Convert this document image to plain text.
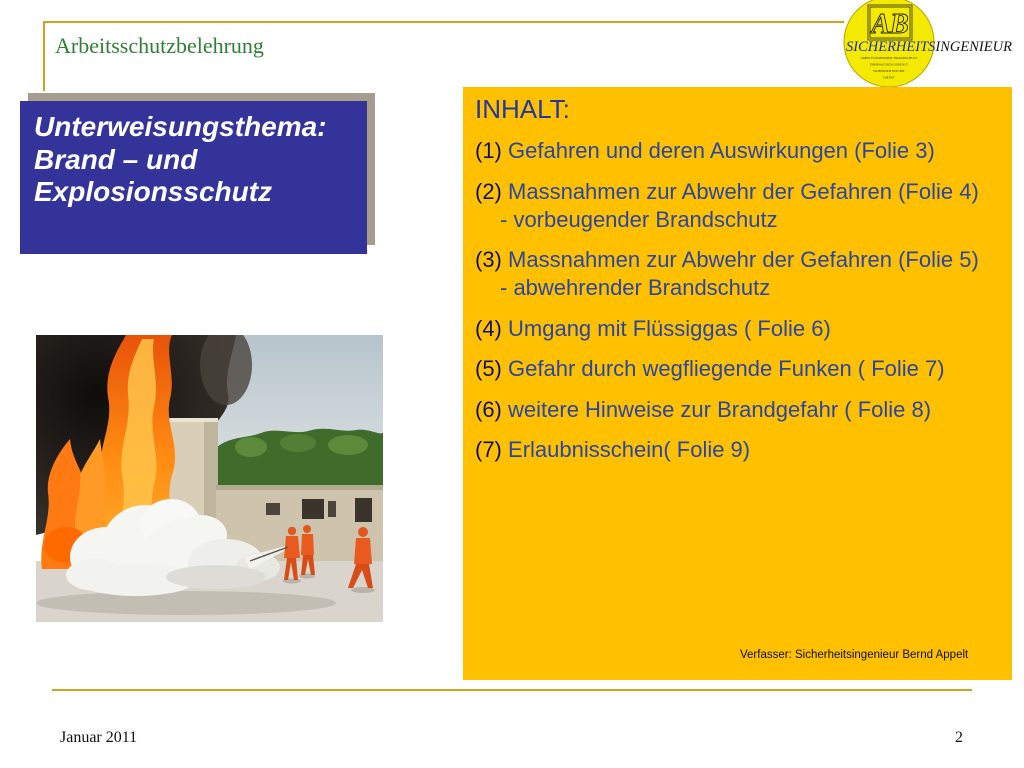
Arbeitsschutzbelehrung
AB
SICHERHEITSINGENIEUR
ARBEITSSICHERHEIT BRANDSCHUTZ
ÜBERWACHUNGSDIENST
SICHERHEITSTECHN.
DIENST
Unterweisungsthema:
Brand – und
Explosionsschutz
INHALT:

(1) Gefahren und deren Auswirkungen (Folie 3)

(2) Massnahmen zur Abwehr der Gefahren (Folie 4)
- vorbeugender Brandschutz

(3) Massnahmen zur Abwehr der Gefahren (Folie 5)
- abwehrender Brandschutz

(4) Umgang mit Flüssiggas ( Folie 6)

(5) Gefahr durch wegfliegende Funken ( Folie 7)

(6) weitere Hinweise zur Brandgefahr ( Folie 8)

(7) Erlaubnisschein( Folie 9)

Verfasser: Sicherheitsingenieur Bernd Appelt
Januar 2011	2
